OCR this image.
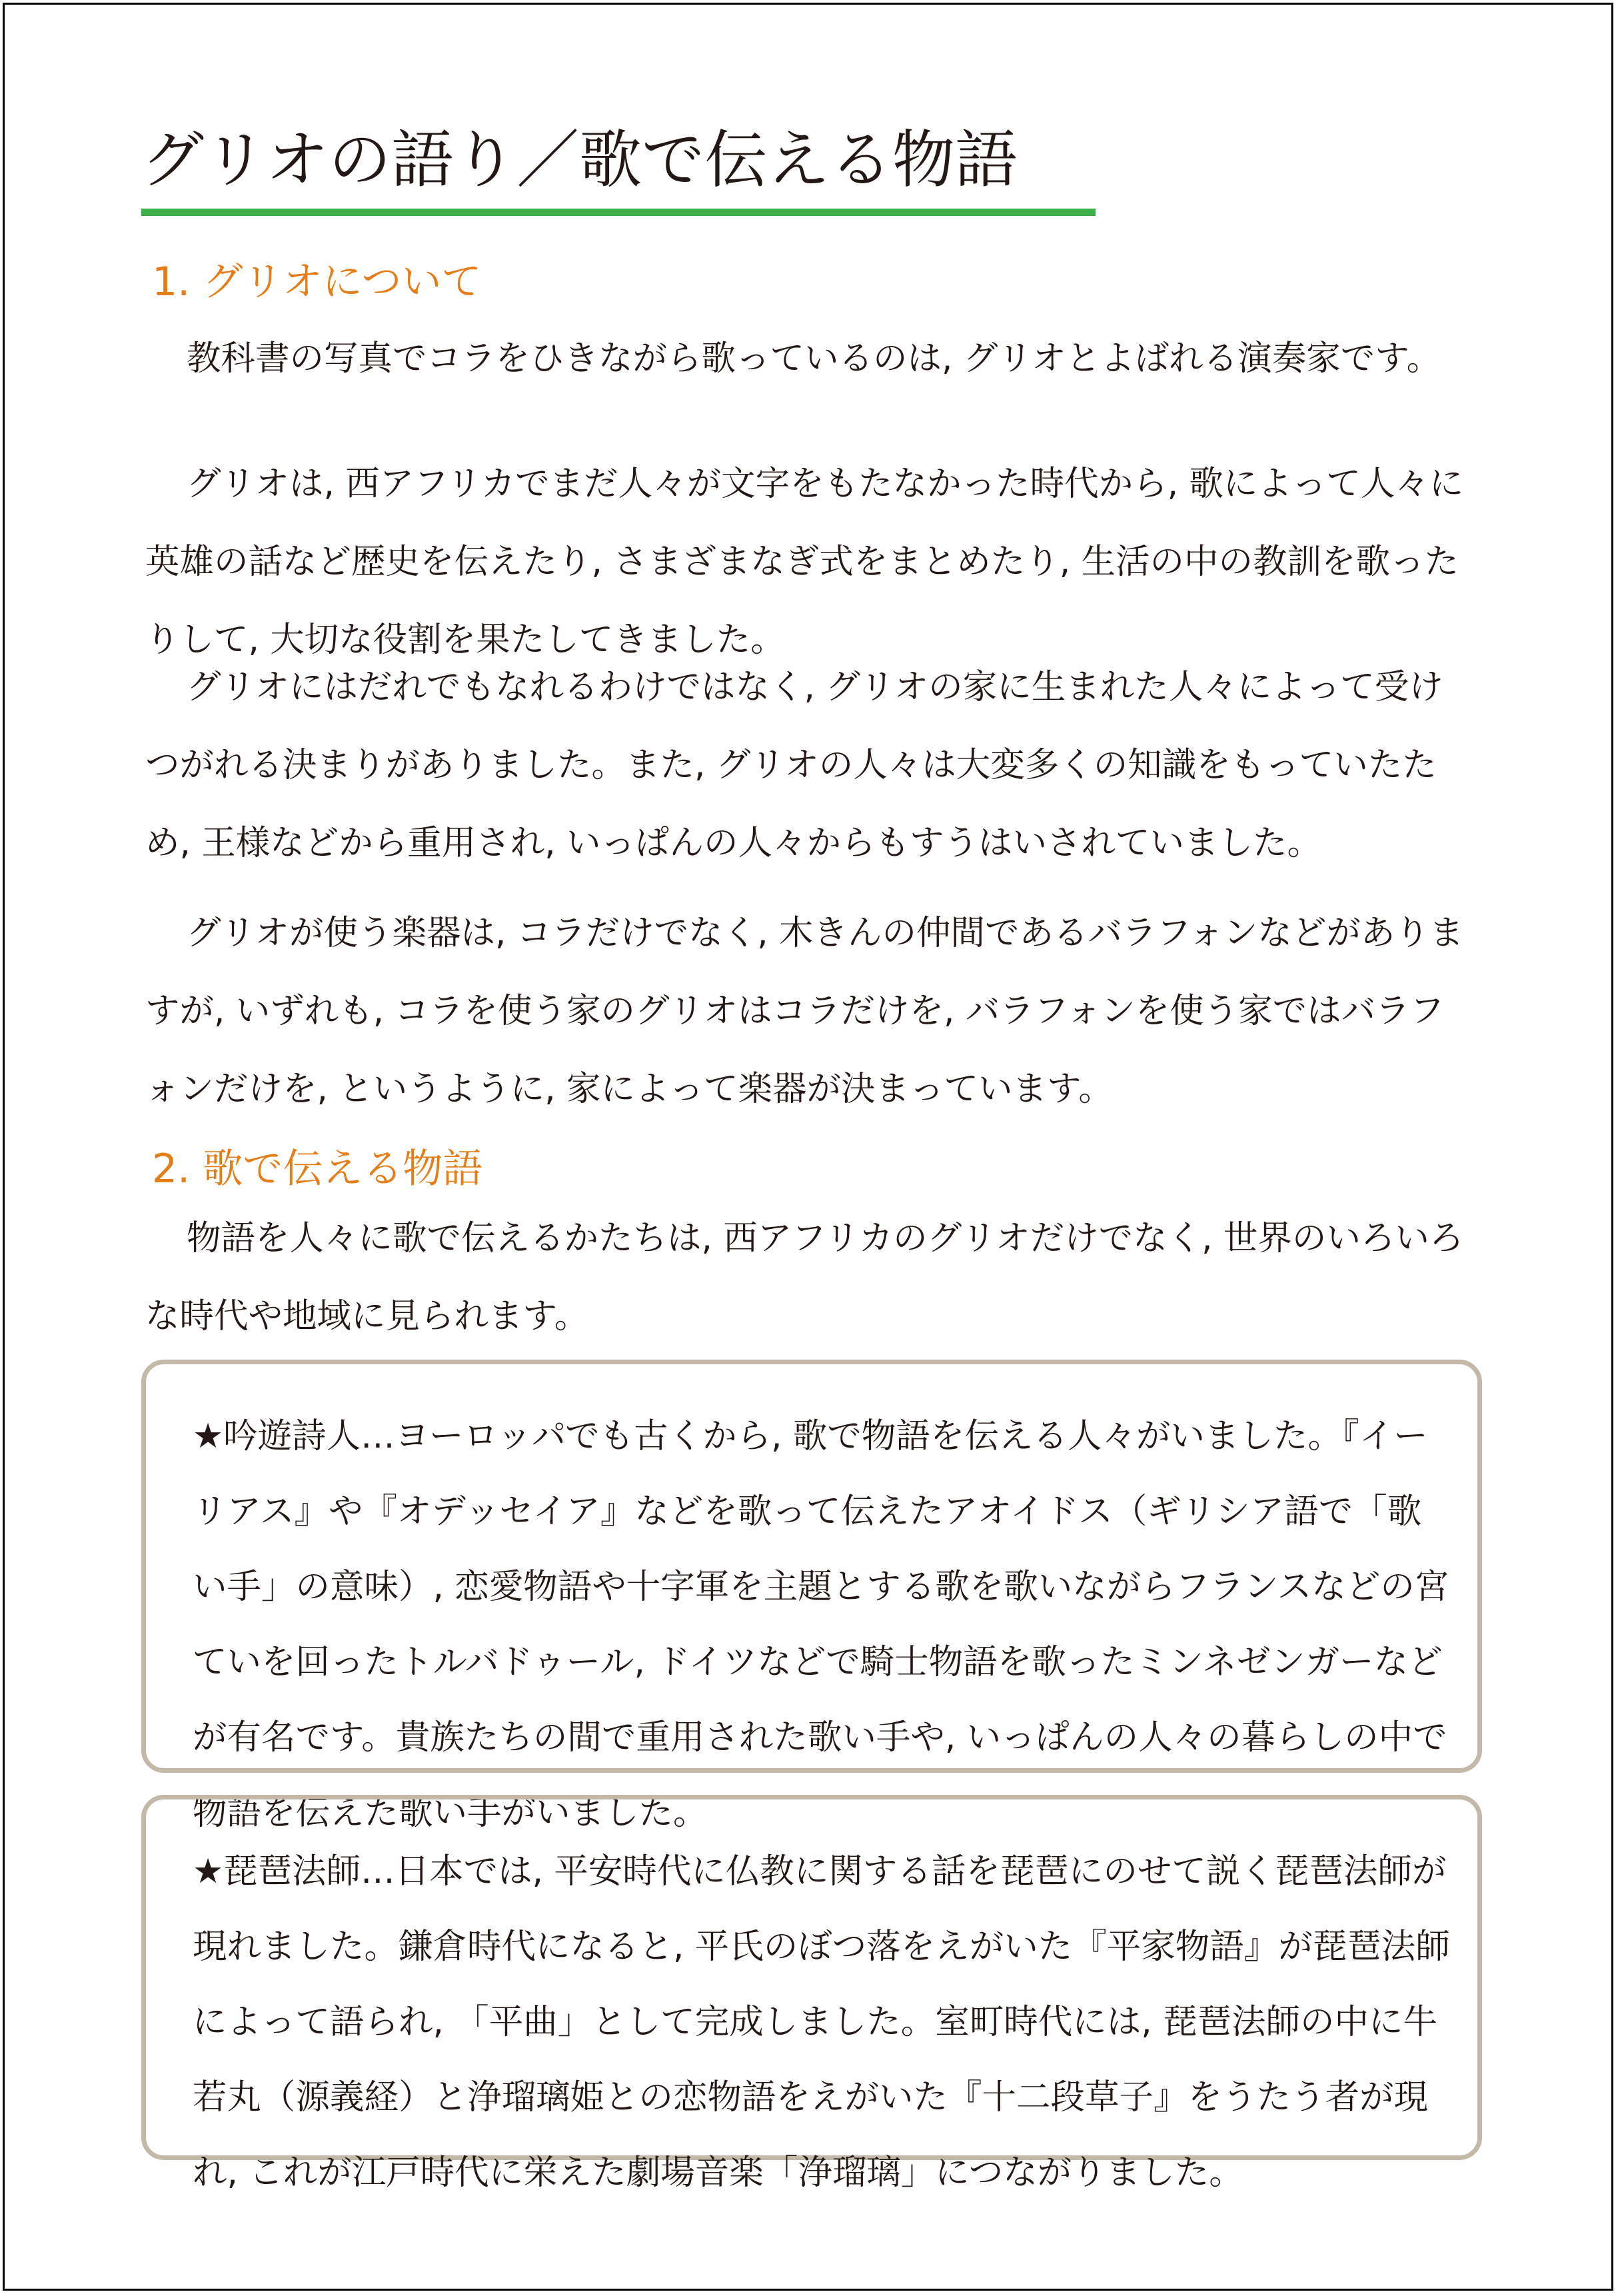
グリオの語り／歌で伝える物語
1. グリオについて

教科書の写真でコラをひきながら歌っているのは, グリオとよばれる演奏家です。

グリオは, 西アフリカでまだ人々が文字をもたなかった時代から, 歌によって人々に英雄の話など歴史を伝えたり, さまざまなぎ式をまとめたり, 生活の中の教訓を歌ったりして, 大切な役割を果たしてきました。

グリオにはだれでもなれるわけではなく, グリオの家に生まれた人々によって受けつがれる決まりがありました。また, グリオの人々は大変多くの知識をもっていたため, 王様などから重用され, いっぱんの人々からもすうはいされていました。

グリオが使う楽器は, コラだけでなく, 木きんの仲間であるバラフォンなどがありますが, いずれも, コラを使う家のグリオはコラだけを, バラフォンを使う家ではバラフォンだけを, というように, 家によって楽器が決まっています。

2. 歌で伝える物語

物語を人々に歌で伝えるかたちは, 西アフリカのグリオだけでなく, 世界のいろいろな時代や地域に見られます。

★吟遊詩人…ヨーロッパでも古くから, 歌で物語を伝える人々がいました。『イーリアス』や『オデッセイア』などを歌って伝えたアオイドス（ギリシア語で「歌い手」の意味）, 恋愛物語や十字軍を主題とする歌を歌いながらフランスなどの宮ていを回ったトルバドゥール, ドイツなどで騎士物語を歌ったミンネゼンガーなどが有名です。貴族たちの間で重用された歌い手や, いっぱんの人々の暮らしの中で物語を伝えた歌い手がいました。

★琵琶法師…日本では, 平安時代に仏教に関する話を琵琶にのせて説く琵琶法師が現れました。鎌倉時代になると, 平氏のぼつ落をえがいた『平家物語』が琵琶法師によって語られ, 「平曲」として完成しました。室町時代には, 琵琶法師の中に牛若丸（源義経）と浄瑠璃姫との恋物語をえがいた『十二段草子』をうたう者が現れ, これが江戸時代に栄えた劇場音楽「浄瑠璃」につながりました。
